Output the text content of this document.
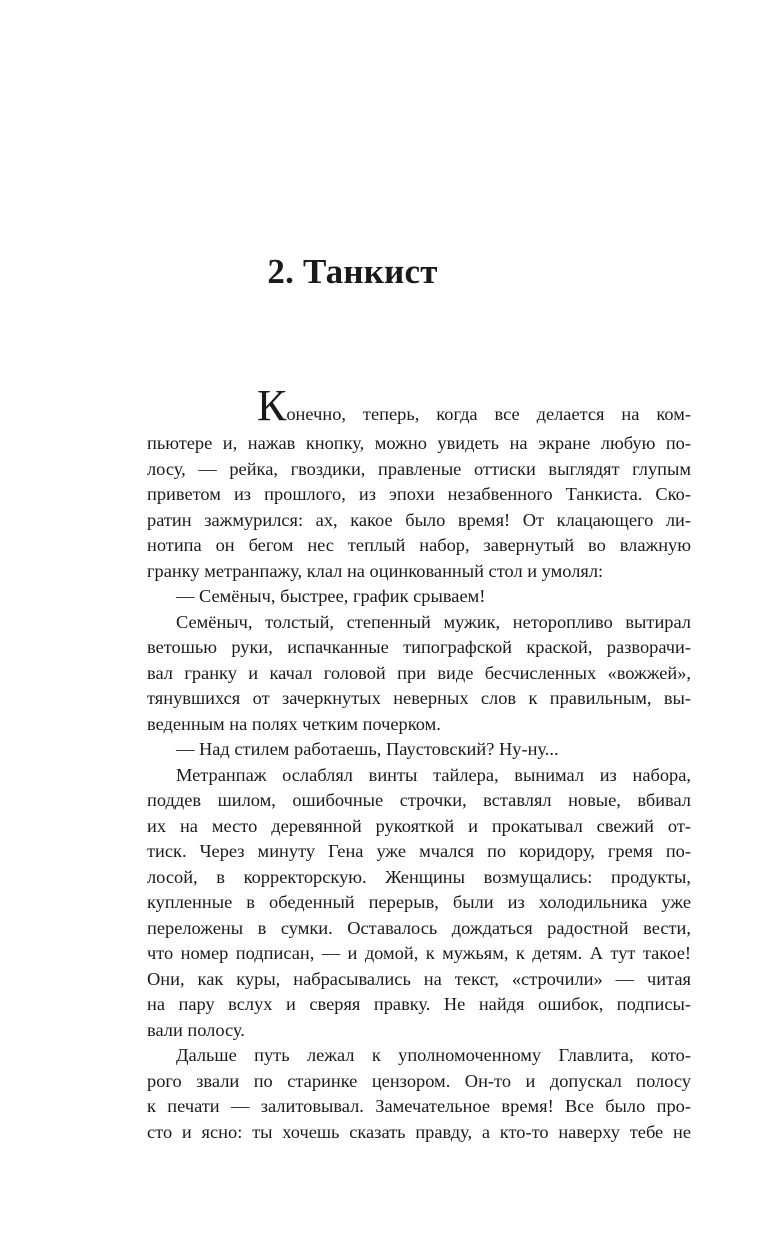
2. Танкист
Конечно, теперь, когда все делается на ком-
пьютере и, нажав кнопку, можно увидеть на экране любую по-
лосу, — рейка, гвоздики, правленые оттиски выглядят глупым
приветом из прошлого, из эпохи незабвенного Танкиста. Ско-
ратин зажмурился: ах, какое было время! От клацающего ли-
нотипа он бегом нес теплый набор, завернутый во влажную
гранку метранпажу, клал на оцинкованный стол и умолял:
— Семёныч, быстрее, график срываем!
Семёныч, толстый, степенный мужик, неторопливо вытирал
ветошью руки, испачканные типографской краской, разворачи-
вал гранку и качал головой при виде бесчисленных «вожжей»,
тянувшихся от зачеркнутых неверных слов к правильным, вы-
веденным на полях четким почерком.
— Над стилем работаешь, Паустовский? Ну-ну...
Метранпаж ослаблял винты тайлера, вынимал из набора,
поддев шилом, ошибочные строчки, вставлял новые, вбивал
их на место деревянной рукояткой и прокатывал свежий от-
тиск. Через минуту Гена уже мчался по коридору, гремя по-
лосой, в корректорскую. Женщины возмущались: продукты,
купленные в обеденный перерыв, были из холодильника уже
переложены в сумки. Оставалось дождаться радостной вести,
что номер подписан, — и домой, к мужьям, к детям. А тут такое!
Они, как куры, набрасывались на текст, «строчили» — читая
на пару вслух и сверяя правку. Не найдя ошибок, подписы-
вали полосу.
Дальше путь лежал к уполномоченному Главлита, кото-
рого звали по старинке цензором. Он-то и допускал полосу
к печати — залитовывал. Замечательное время! Все было про-
сто и ясно: ты хочешь сказать правду, а кто-то наверху тебе не
